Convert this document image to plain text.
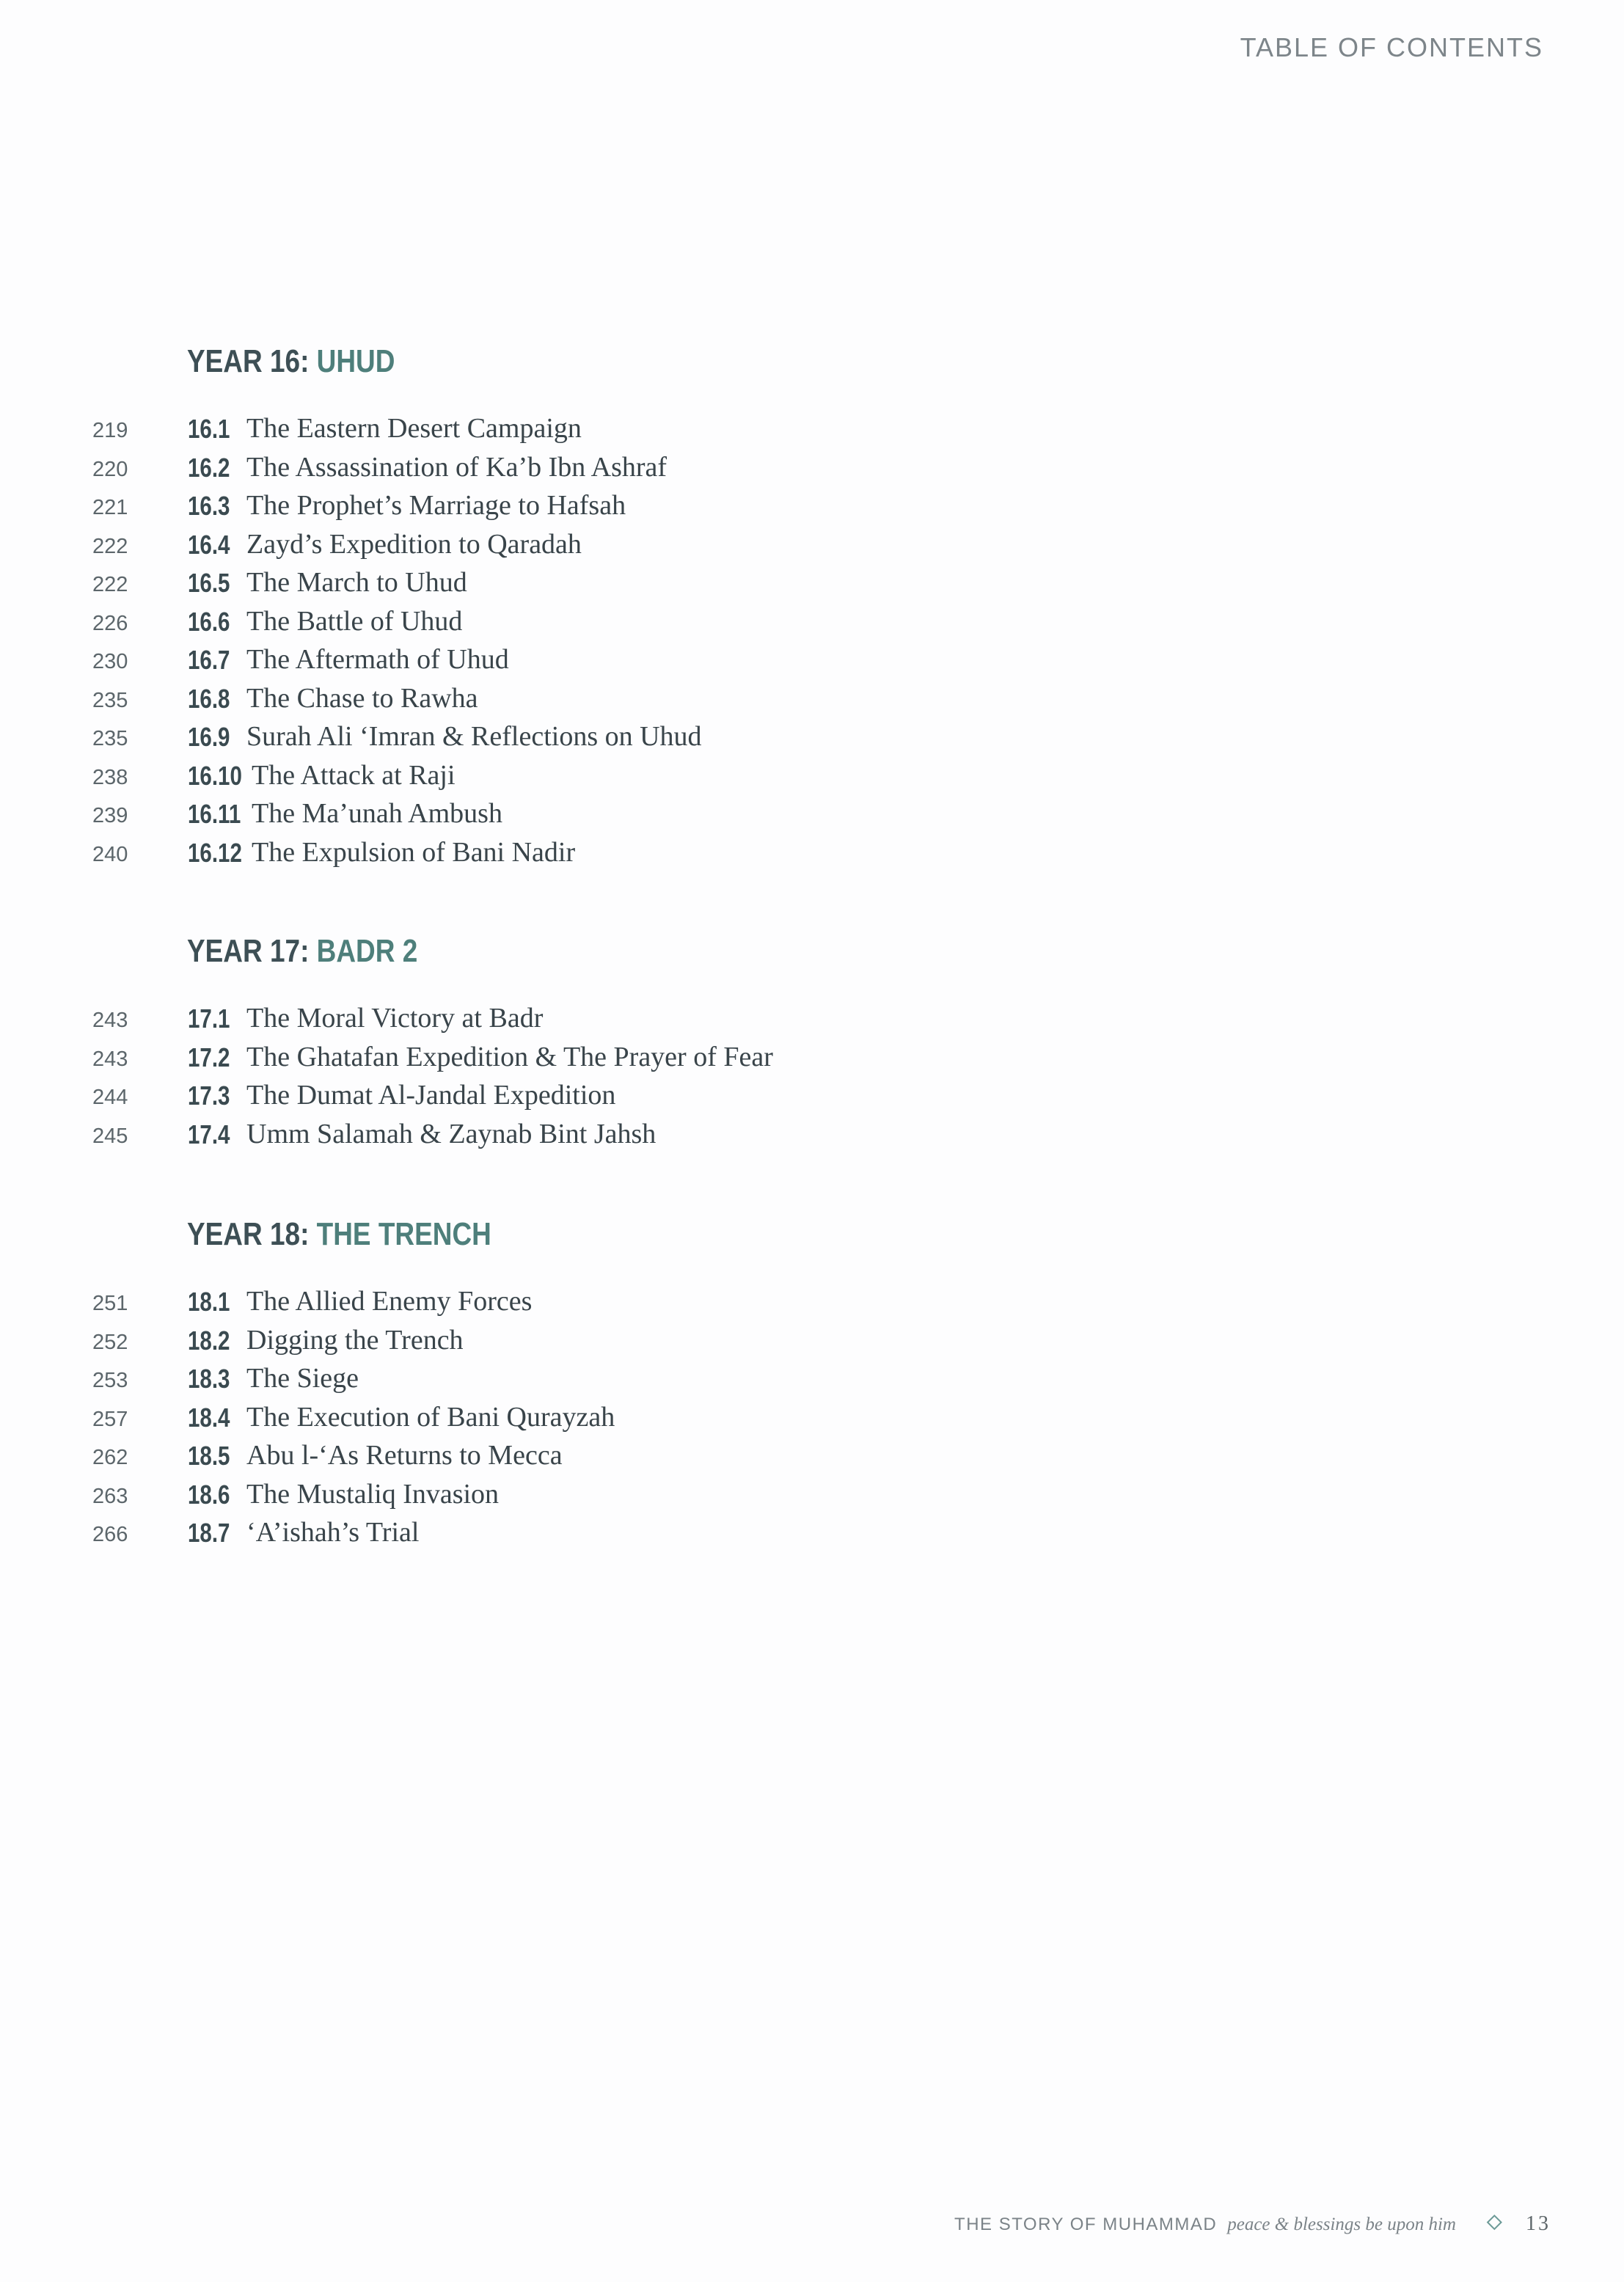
TABLE OF CONTENTS
YEAR 16: UHUD
219 16.1 The Eastern Desert Campaign
220 16.2 The Assassination of Ka’b Ibn Ashraf
221 16.3 The Prophet’s Marriage to Hafsah
222 16.4 Zayd’s Expedition to Qaradah
222 16.5 The March to Uhud
226 16.6 The Battle of Uhud
230 16.7 The Aftermath of Uhud
235 16.8 The Chase to Rawha
235 16.9 Surah Ali ‘Imran & Reflections on Uhud
238 16.10 The Attack at Raji
239 16.11 The Ma’unah Ambush
240 16.12 The Expulsion of Bani Nadir
YEAR 17: BADR 2
243 17.1 The Moral Victory at Badr
243 17.2 The Ghatafan Expedition & The Prayer of Fear
244 17.3 The Dumat Al-Jandal Expedition
245 17.4 Umm Salamah & Zaynab Bint Jahsh
YEAR 18: THE TRENCH
251 18.1 The Allied Enemy Forces
252 18.2 Digging the Trench
253 18.3 The Siege
257 18.4 The Execution of Bani Qurayzah
262 18.5 Abu l-‘As Returns to Mecca
263 18.6 The Mustaliq Invasion
266 18.7 ‘A’ishah’s Trial
THE STORY OF MUHAMMAD peace & blessings be upon him	13
